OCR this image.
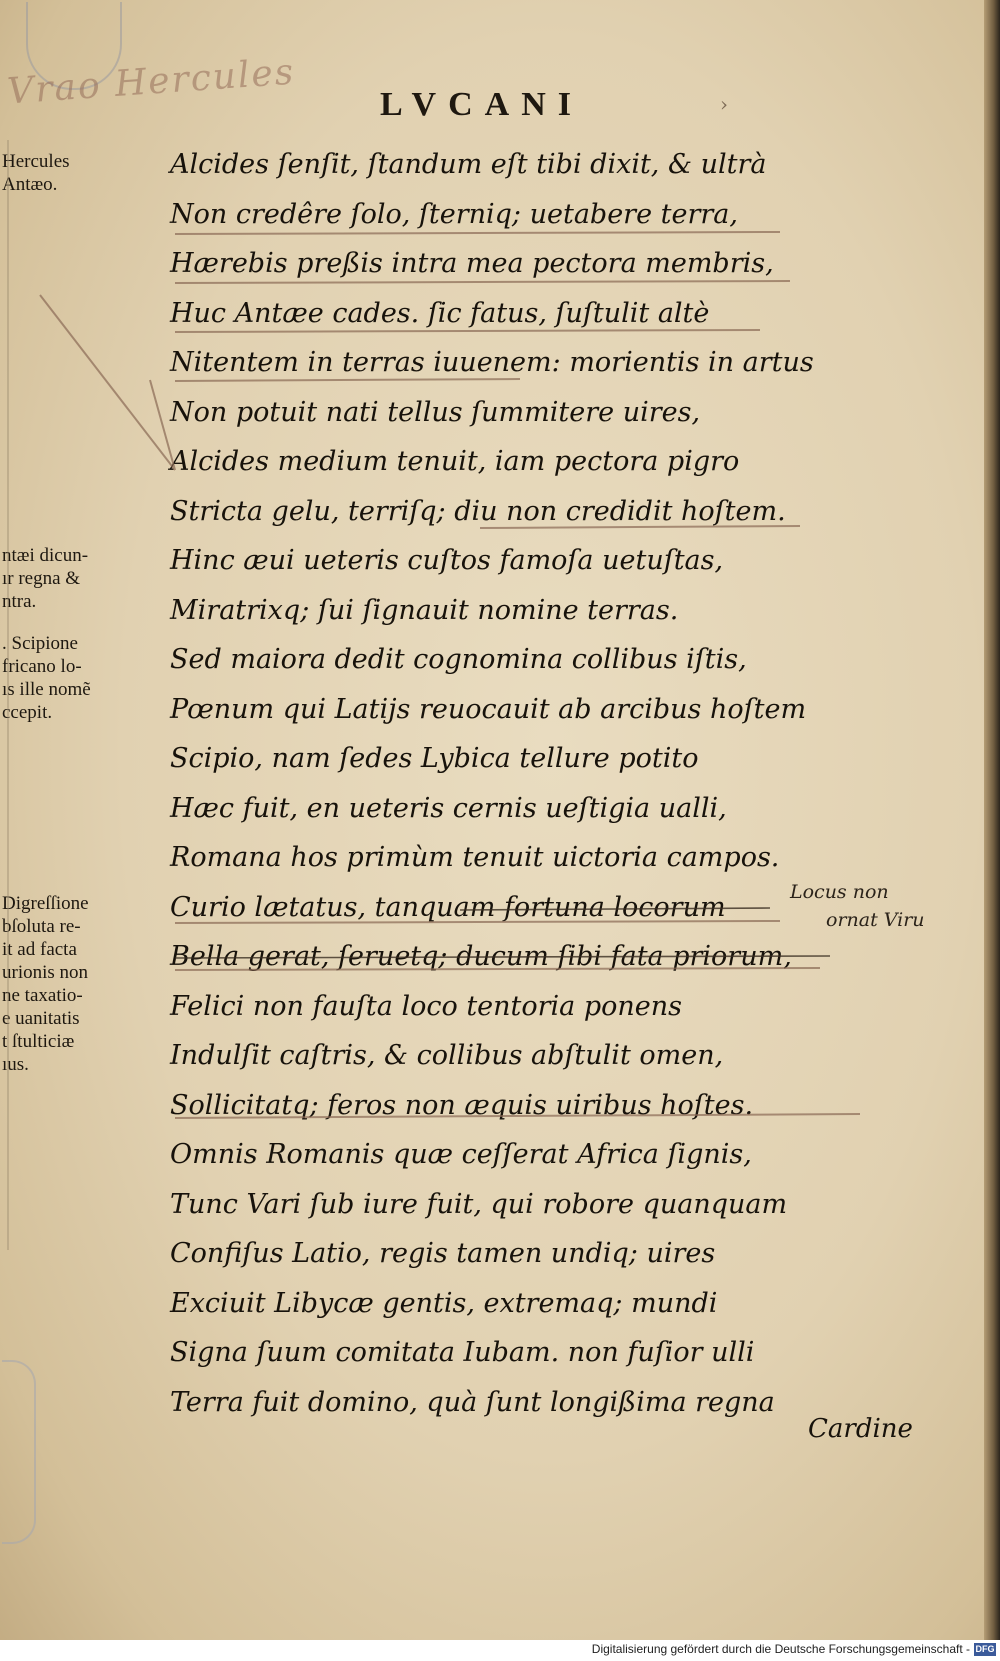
Vrao Hercules	LVCANI	›

Hercules
Antæo.

ntæi dicun-
ır regna &
ntra.

. Scipione
fricano lo-
ıs ille nomẽ
ccepit.

Digreſſione
bſoluta re-
it ad facta
urionis non
ne taxatio-
e uanitatis
t ſtulticiæ
ıus.

Alcides ſenſit, ſtandum eſt tibi dixit, & ultrà
Non credêre ſolo, ſterniq; uetabere terra,
Hærebis preßis intra mea pectora membris,
Huc Antæe cades. ſic fatus, ſuſtulit altè
Nitentem in terras iuuenem: morientis in artus
Non potuit nati tellus ſummitere uires,
Alcides medium tenuit, iam pectora pigro
Stricta gelu, terriſq; diu non credidit hoſtem.
Hinc æui ueteris cuſtos famoſa uetuſtas,
Miratrixq; ſui ſignauit nomine terras.
Sed maiora dedit cognomina collibus iſtis,
Pœnum qui Latijs reuocauit ab arcibus hoſtem
Scipio, nam ſedes Lybica tellure potito
Hæc fuit, en ueteris cernis ueſtigia ualli,
Romana hos primùm tenuit uictoria campos.
Curio lætatus, tanquam fortuna locorum
Bella gerat, ſeruetq; ducum ſibi fata priorum,
Felici non fauſta loco tentoria ponens
Indulſit caſtris, & collibus abſtulit omen,
Sollicitatq; feros non æquis uiribus hoſtes.
Omnis Romanis quæ ceſſerat Africa ſignis,
Tunc Vari ſub iure fuit, qui robore quanquam
Confiſus Latio, regis tamen undiq; uires
Exciuit Libycæ gentis, extremaq; mundi
Signa ſuum comitata Iubam. non fuſior ulli
Terra fuit domino, quà ſunt longißima regna

Locus non
ornat Viru

Cardine

Digitalisierung gefördert durch die Deutsche Forschungsgemeinschaft - DFG
